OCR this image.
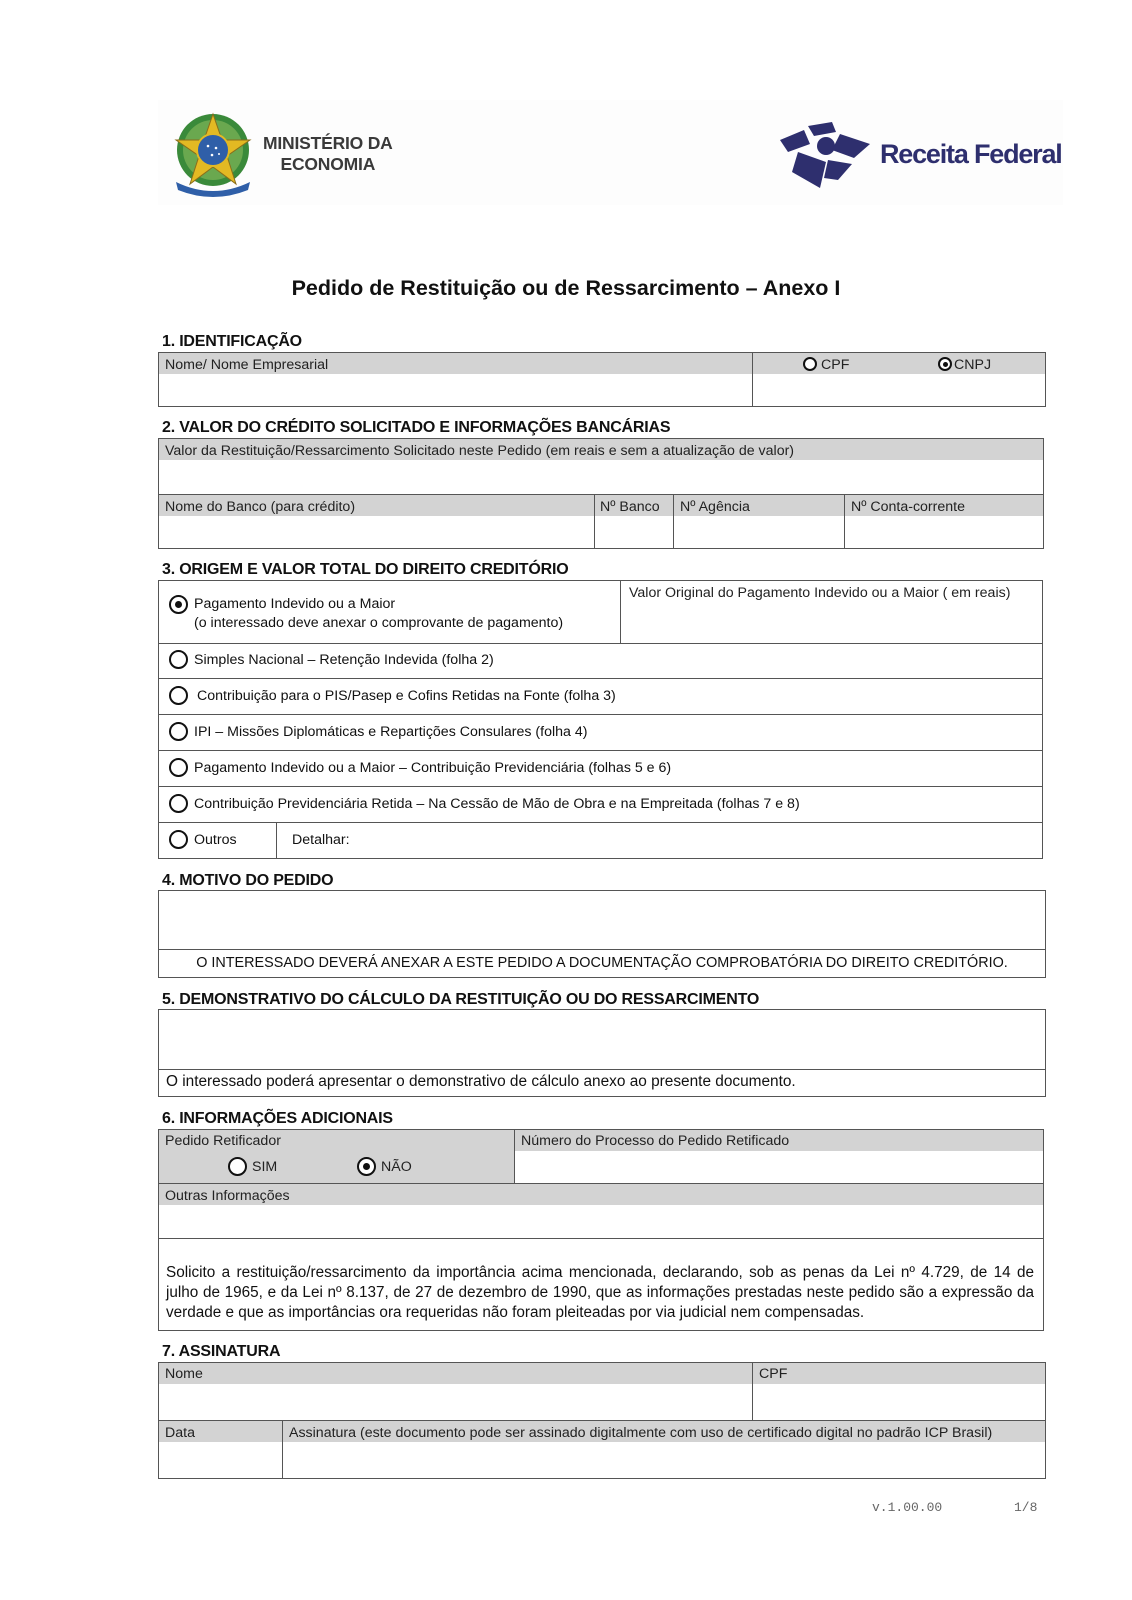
MINISTÉRIO DA
ECONOMIA	Receita Federal
Pedido de Restituição ou de Ressarcimento – Anexo I
1. IDENTIFICAÇÃO
Nome/ Nome Empresarial	CPF	CNPJ
2. VALOR DO CRÉDITO SOLICITADO E INFORMAÇÕES BANCÁRIAS
Valor da Restituição/Ressarcimento Solicitado neste Pedido (em reais e sem a atualização de valor)
Nome do Banco (para crédito)	Nº Banco Nº Agência	Nº Conta-corrente
3. ORIGEM E VALOR TOTAL DO DIREITO CREDITÓRIO
Pagamento Indevido ou a Maior
(o interessado deve anexar o comprovante de pagamento)
Valor Original do Pagamento Indevido ou a Maior ( em reais)
Simples Nacional – Retenção Indevida (folha 2)
Contribuição para o PIS/Pasep e Cofins Retidas na Fonte (folha 3)
IPI – Missões Diplomáticas e Repartições Consulares (folha 4)
Pagamento Indevido ou a Maior – Contribuição Previdenciária (folhas 5 e 6)
Contribuição Previdenciária Retida – Na Cessão de Mão de Obra e na Empreitada (folhas 7 e 8)
Outros	Detalhar:
4. MOTIVO DO PEDIDO
O INTERESSADO DEVERÁ ANEXAR A ESTE PEDIDO A DOCUMENTAÇÃO COMPROBATÓRIA DO DIREITO CREDITÓRIO.
5. DEMONSTRATIVO DO CÁLCULO DA RESTITUIÇÃO OU DO RESSARCIMENTO
O interessado poderá apresentar o demonstrativo de cálculo anexo ao presente documento.
6. INFORMAÇÕES ADICIONAIS
Pedido Retificador	Número do Processo do Pedido Retificado
SIM	NÃO
Outras Informações
Solicito a restituição/ressarcimento da importância acima mencionada, declarando, sob as penas da Lei nº 4.729, de 14 de julho de 1965, e da Lei nº 8.137, de 27 de dezembro de 1990, que as informações prestadas neste pedido são a expressão da verdade e que as importâncias ora requeridas não foram pleiteadas por via judicial nem compensadas.
7. ASSINATURA
Nome	CPF
Data	Assinatura (este documento pode ser assinado digitalmente com uso de certificado digital no padrão ICP Brasil)
v.1.00.00	1/8
